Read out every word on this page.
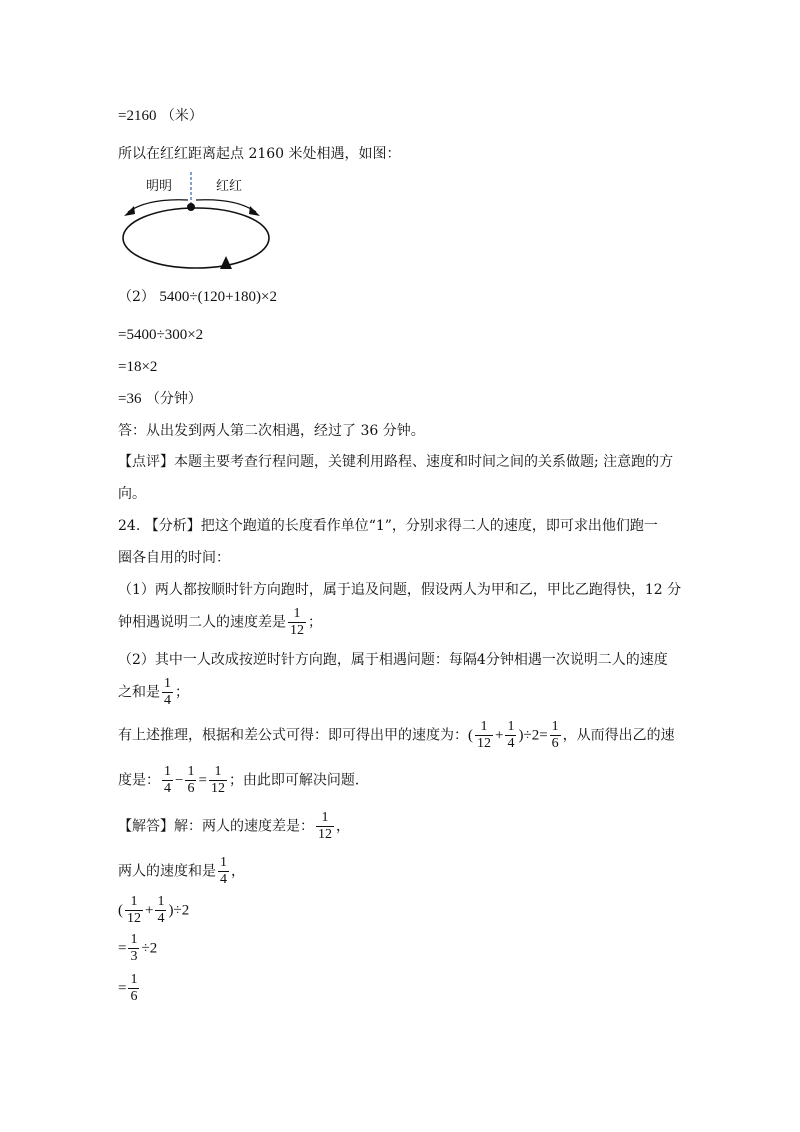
=2160 （米）
所以在红红距离起点 2160 米处相遇，如图：
明明	红红
（2） 5400÷(120+180)×2
=5400÷300×2
=18×2
=36 （分钟）
答：从出发到两人第二次相遇，经过了 36 分钟。
【点评】本题主要考查行程问题，关键利用路程、速度和时间之间的关系做题; 注意跑的方
向。
24. 【分析】把这个跑道的长度看作单位“1”，分别求得二人的速度，即可求出他们跑一
圈各自用的时间：
（1）两人都按顺时针方向跑时，属于追及问题，假设两人为甲和乙，甲比乙跑得快，12 分
钟相遇说明二人的速度差是 $\frac{1}{12}$ ；
（2）其中一人改成按逆时针方向跑，属于相遇问题：每隔4分钟相遇一次说明二人的速度
之和是 $\frac{1}{4}$ ；
有上述推理，根据和差公式可得：即可得出甲的速度为：( $\frac{1}{12} + \frac{1}{4} )\div 2= \frac{1}{6}$ ，从而得出乙的速
度是： $\frac{1}{4} - \frac{1}{6} = \frac{1}{12}$ ；由此即可解决问题．
【解答】解：两人的速度差是： $\frac{1}{12}$ ，
两人的速度和是 $\frac{1}{4}$ ，
( $\frac{1}{12} + \frac{1}{4} )\div 2$
= $\frac{1}{3} \div 2$
= $\frac{1}{6}$
